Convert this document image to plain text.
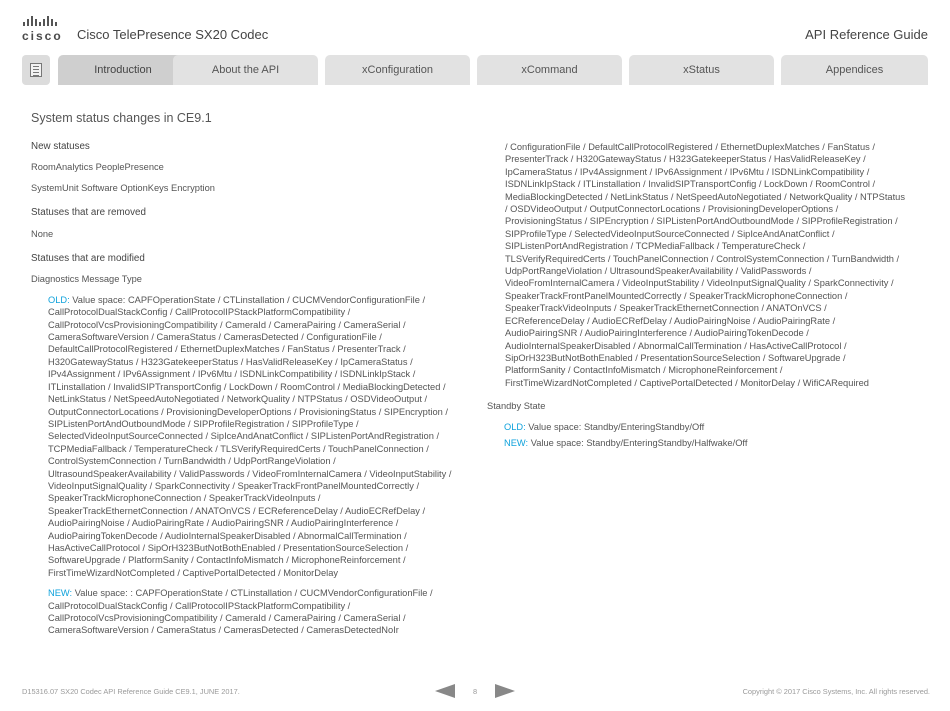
cisco Cisco TelePresence SX20 Codec	API Reference Guide
Introduction	About the API	xConfiguration	xCommand	xStatus	Appendices
System status changes in CE9.1
New statuses
RoomAnalytics PeoplePresence
SystemUnit Software OptionKeys Encryption
Statuses that are removed
None
Statuses that are modified
Diagnostics Message Type
OLD: Value space: CAPFOperationState / CTLinstallation / CUCMVendorConfigurationFile / CallProtocolDualStackConfig / CallProtocolIPStackPlatformCompatibility / CallProtocolVcsProvisioningCompatibility / CameraId / CameraPairing / CameraSerial / CameraSoftwareVersion / CameraStatus / CamerasDetected / ConfigurationFile / DefaultCallProtocolRegistered / EthernetDuplexMatches / FanStatus / PresenterTrack / H320GatewayStatus / H323GatekeeperStatus / HasValidReleaseKey / IpCameraStatus / IPv4Assignment / IPv6Assignment / IPv6Mtu / ISDNLinkCompatibility / ISDNLinkIpStack / ITLinstallation / InvalidSIPTransportConfig / LockDown / RoomControl / MediaBlockingDetected / NetLinkStatus / NetSpeedAutoNegotiated / NetworkQuality / NTPStatus / OSDVideoOutput / OutputConnectorLocations / ProvisioningDeveloperOptions / ProvisioningStatus / SIPEncryption / SIPListenPortAndOutboundMode / SIPProfileRegistration / SIPProfileType / SelectedVideoInputSourceConnected / SipIceAndAnatConflict / SIPListenPortAndRegistration / TCPMediaFallback / TemperatureCheck / TLSVerifyRequiredCerts / TouchPanelConnection / ControlSystemConnection / TurnBandwidth / UdpPortRangeViolation / UltrasoundSpeakerAvailability / ValidPasswords / VideoFromInternalCamera / VideoInputStability / VideoInputSignalQuality / SparkConnectivity / SpeakerTrackFrontPanelMountedCorrectly / SpeakerTrackMicrophoneConnection / SpeakerTrackVideoInputs / SpeakerTrackEthernetConnection / ANATOnVCS / ECReferenceDelay / AudioECRefDelay / AudioPairingNoise / AudioPairingRate / AudioPairingSNR / AudioPairingInterference / AudioPairingTokenDecode / AudioInternalSpeakerDisabled / AbnormalCallTermination / HasActiveCallProtocol / SipOrH323ButNotBothEnabled / PresentationSourceSelection / SoftwareUpgrade / PlatformSanity / ContactInfoMismatch / MicrophoneReinforcement / FirstTimeWizardNotCompleted / CaptivePortalDetected / MonitorDelay
NEW: Value space: : CAPFOperationState / CTLinstallation / CUCMVendorConfigurationFile / CallProtocolDualStackConfig / CallProtocolIPStackPlatformCompatibility / CallProtocolVcsProvisioningCompatibility / CameraId / CameraPairing / CameraSerial / CameraSoftwareVersion / CameraStatus / CamerasDetected / CamerasDetectedNoIr
/ ConfigurationFile / DefaultCallProtocolRegistered / EthernetDuplexMatches / FanStatus / PresenterTrack / H320GatewayStatus / H323GatekeeperStatus / HasValidReleaseKey / IpCameraStatus / IPv4Assignment / IPv6Assignment / IPv6Mtu / ISDNLinkCompatibility / ISDNLinkIpStack / ITLinstallation / InvalidSIPTransportConfig / LockDown / RoomControl / MediaBlockingDetected / NetLinkStatus / NetSpeedAutoNegotiated / NetworkQuality / NTPStatus / OSDVideoOutput / OutputConnectorLocations / ProvisioningDeveloperOptions / ProvisioningStatus / SIPEncryption / SIPListenPortAndOutboundMode / SIPProfileRegistration / SIPProfileType / SelectedVideoInputSourceConnected / SipIceAndAnatConflict / SIPListenPortAndRegistration / TCPMediaFallback / TemperatureCheck / TLSVerifyRequiredCerts / TouchPanelConnection / ControlSystemConnection / TurnBandwidth / UdpPortRangeViolation / UltrasoundSpeakerAvailability / ValidPasswords / VideoFromInternalCamera / VideoInputStability / VideoInputSignalQuality / SparkConnectivity / SpeakerTrackFrontPanelMountedCorrectly / SpeakerTrackMicrophoneConnection / SpeakerTrackVideoInputs / SpeakerTrackEthernetConnection / ANATOnVCS / ECReferenceDelay / AudioECRefDelay / AudioPairingNoise / AudioPairingRate / AudioPairingSNR / AudioPairingInterference / AudioPairingTokenDecode / AudioInternalSpeakerDisabled / AbnormalCallTermination / HasActiveCallProtocol / SipOrH323ButNotBothEnabled / PresentationSourceSelection / SoftwareUpgrade / PlatformSanity / ContactInfoMismatch / MicrophoneReinforcement / FirstTimeWizardNotCompleted / CaptivePortalDetected / MonitorDelay / WifiCARequired
Standby State
OLD: Value space: Standby/EnteringStandby/Off
NEW: Value space: Standby/EnteringStandby/Halfwake/Off
D15316.07 SX20 Codec API Reference Guide CE9.1, JUNE 2017.	8	Copyright © 2017 Cisco Systems, Inc. All rights reserved.
